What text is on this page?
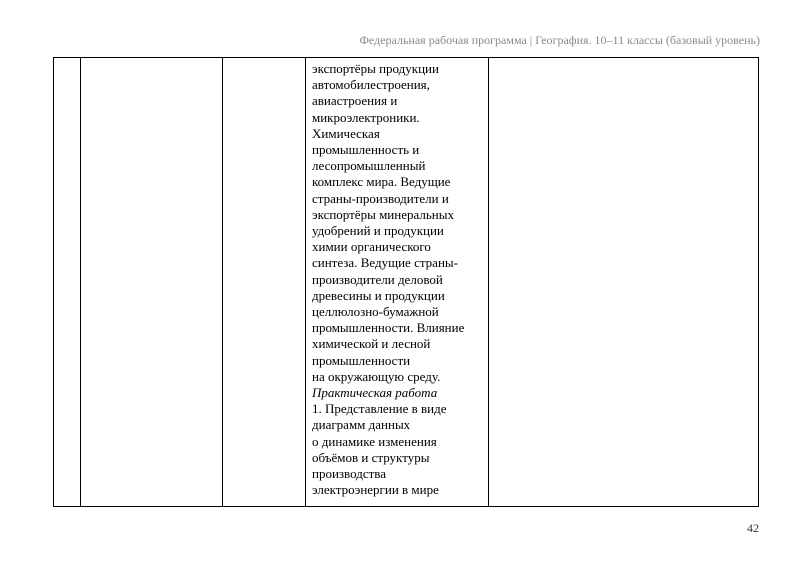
Федеральная рабочая программа | География. 10–11 классы (базовый уровень)

экспортёры продукции
автомобилестроения,
авиастроения и
микроэлектроники.
Химическая
промышленность и
лесопромышленный
комплекс мира. Ведущие
страны-производители и
экспортёры минеральных
удобрений и продукции
химии органического
синтеза. Ведущие страны-
производители деловой
древесины и продукции
целлюлозно-бумажной
промышленности. Влияние
химической и лесной
промышленности
на окружающую среду.
Практическая работа
1. Представление в виде
диаграмм данных
о динамике изменения
объёмов и структуры
производства
электроэнергии в мире

42
